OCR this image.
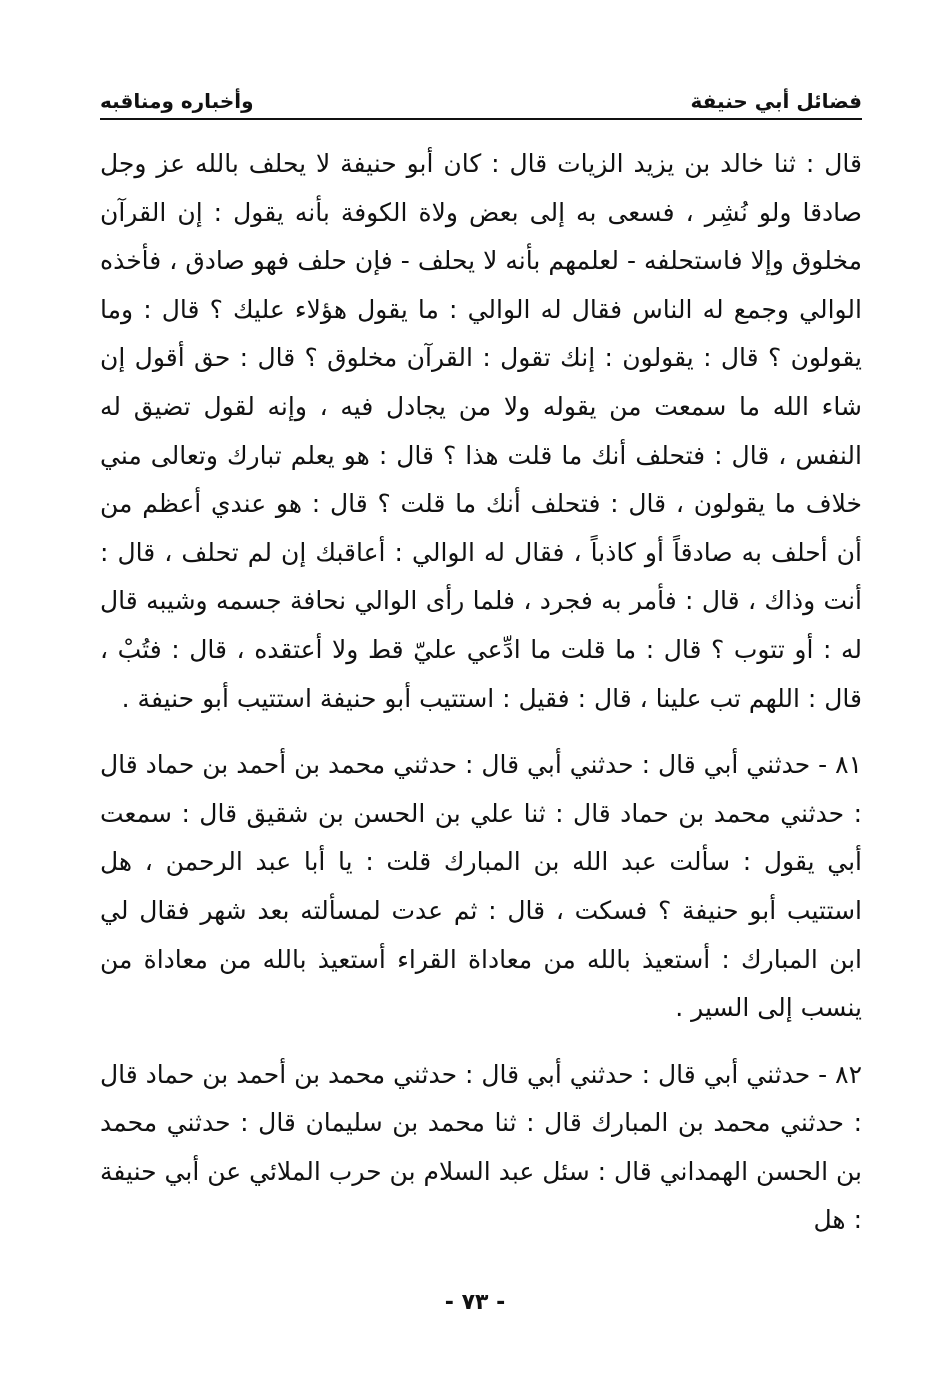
فضائل أبي حنيفة
وأخباره ومناقبه

قال : ثنا خالد بن يزيد الزيات قال : كان أبو حنيفة لا يحلف بالله عز وجل صادقا ولو نُشِر ، فسعى به إلى بعض ولاة الكوفة بأنه يقول : إن القرآن مخلوق وإلا فاستحلفه - لعلمهم بأنه لا يحلف - فإن حلف فهو صادق ، فأخذه الوالي وجمع له الناس فقال له الوالي : ما يقول هؤلاء عليك ؟ قال : وما يقولون ؟ قال : يقولون : إنك تقول : القرآن مخلوق ؟ قال : حق أقول إن شاء الله ما سمعت من يقوله ولا من يجادل فيه ، وإنه لقول تضيق له النفس ، قال : فتحلف أنك ما قلت هذا ؟ قال : هو يعلم تبارك وتعالى مني خلاف ما يقولون ، قال : فتحلف أنك ما قلت ؟ قال : هو عندي أعظم من أن أحلف به صادقاً أو كاذباً ، فقال له الوالي : أعاقبك إن لم تحلف ، قال : أنت وذاك ، قال : فأمر به فجرد ، فلما رأى الوالي نحافة جسمه وشيبه قال له : أو تتوب ؟ قال : ما قلت ما ادِّعي عليّ قط ولا أعتقده ، قال : فتُبْ ، قال : اللهم تب علينا ، قال : فقيل : استتيب أبو حنيفة استتيب أبو حنيفة .

٨١ - حدثني أبي قال : حدثني أبي قال : حدثني محمد بن أحمد بن حماد قال : حدثني محمد بن حماد قال : ثنا علي بن الحسن بن شقيق قال : سمعت أبي يقول : سألت عبد الله بن المبارك قلت : يا أبا عبد الرحمن ، هل استتيب أبو حنيفة ؟ فسكت ، قال : ثم عدت لمسألته بعد شهر فقال لي ابن المبارك : أستعيذ بالله من معاداة القراء أستعيذ بالله من معاداة من ينسب إلى السير .

٨٢ - حدثني أبي قال : حدثني أبي قال : حدثني محمد بن أحمد بن حماد قال : حدثني محمد بن المبارك قال : ثنا محمد بن سليمان قال : حدثني محمد بن الحسن الهمداني قال : سئل عبد السلام بن حرب الملائي عن أبي حنيفة : هل

- ٧٣ -
